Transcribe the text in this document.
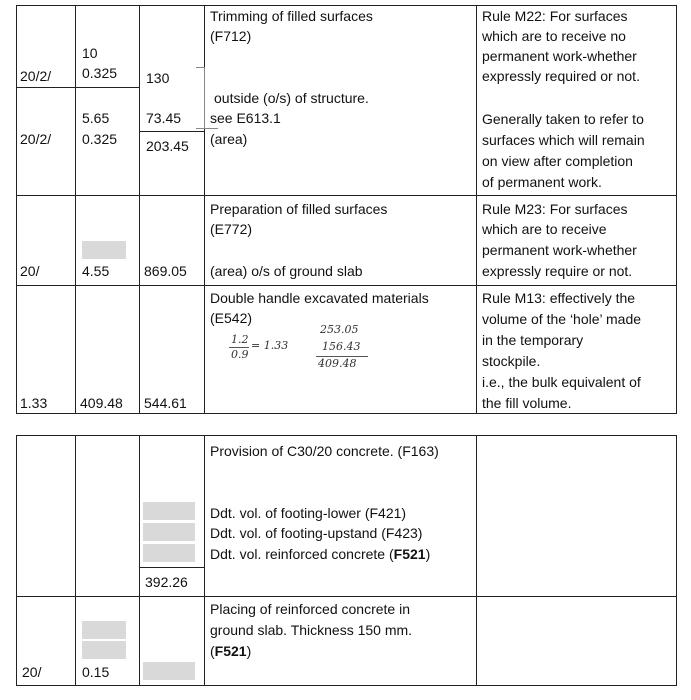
20/2/
20/2/
10
0.325
5.65
0.325
130
73.45
203.45
Trimming of filled surfaces
(F712)
outside (o/s) of structure.
see E613.1
(area)
Rule M22: For surfaces
which are to receive no
permanent work-whether
expressly required or not.
Generally taken to refer to
surfaces which will remain
on view after completion
of permanent work.
20/	4.55 869.05
Preparation of filled surfaces
(E772)
(area) o/s of ground slab
Rule M23: For surfaces
which are to receive
permanent work-whether
expressly require or not.
1.33 409.48 544.61
Double handle excavated materials
(E542)
1.2
0.9
= 1.33
253.05
156.43
409.48
Rule M13: effectively the
volume of the ‘hole’ made
in the temporary
stockpile.
i.e., the bulk equivalent of
the fill volume.
392.26
Provision of C30/20 concrete. (F163)
Ddt. vol. of footing-lower (F421)
Ddt. vol. of footing-upstand (F423)
Ddt. vol. reinforced concrete (F521)
20/	0.15
Placing of reinforced concrete in
ground slab. Thickness 150 mm.
(F521)
